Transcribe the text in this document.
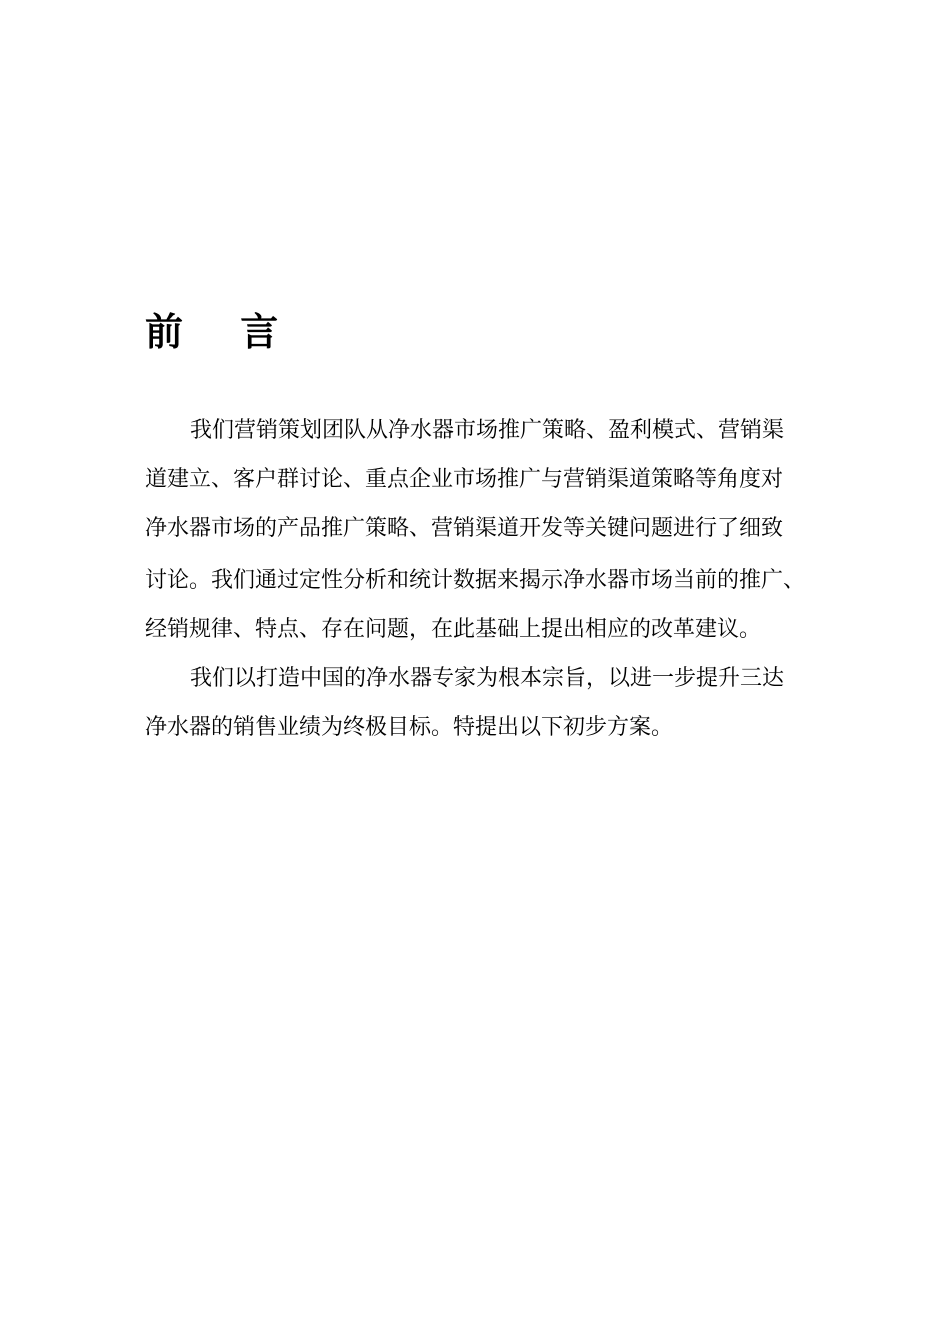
前 言

我们营销策划团队从净水器市场推广策略、盈利模式、营销渠

道建立、客户群讨论、重点企业市场推广与营销渠道策略等角度对

净水器市场的产品推广策略、营销渠道开发等关键问题进行了细致

讨论。我们通过定性分析和统计数据来揭示净水器市场当前的推广、

经销规律、特点、存在问题，在此基础上提出相应的改革建议。

我们以打造中国的净水器专家为根本宗旨，以进一步提升三达

净水器的销售业绩为终极目标。特提出以下初步方案。
